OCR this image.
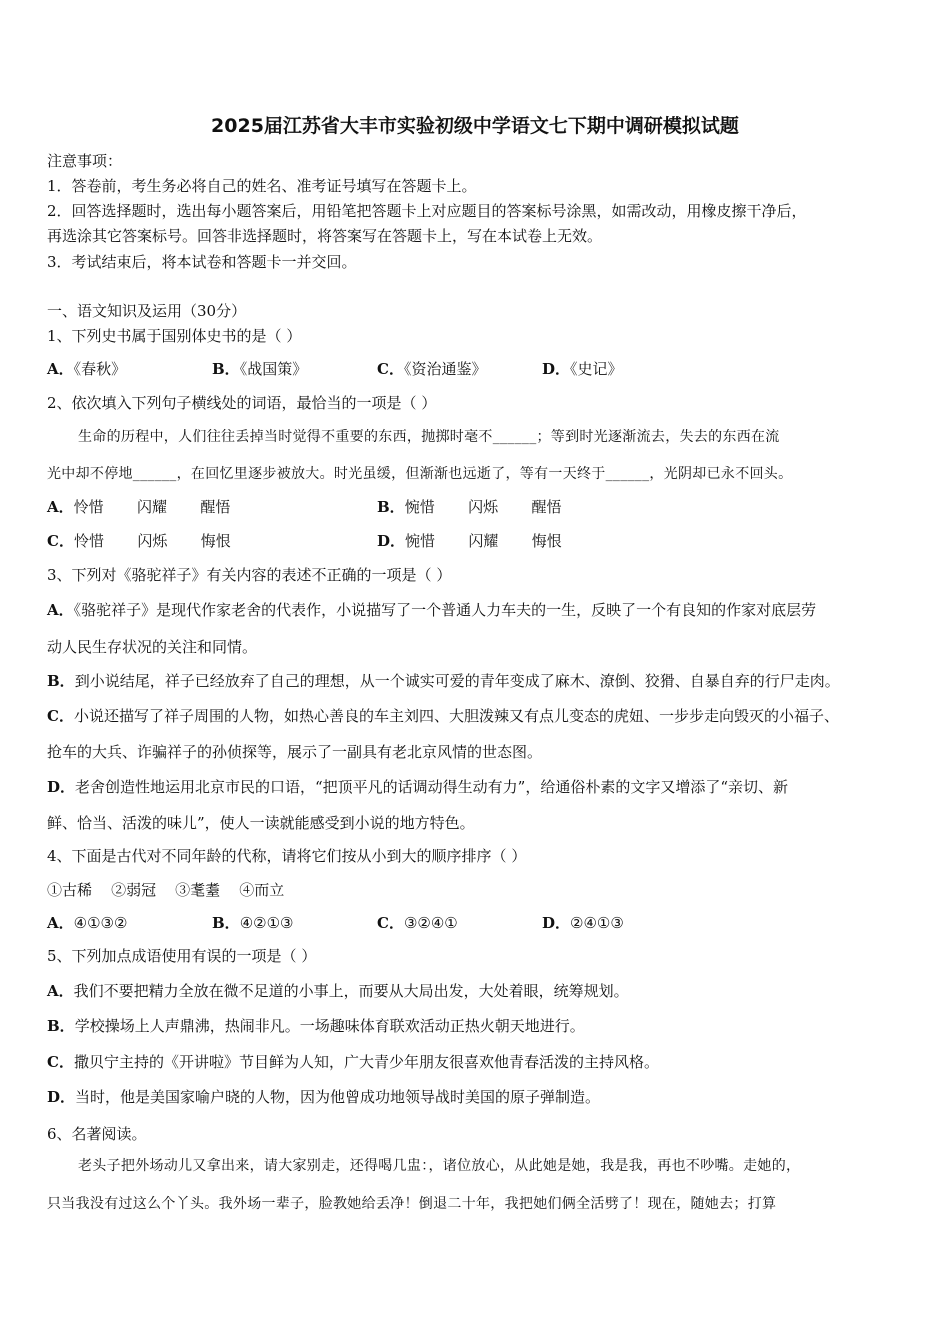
2025届江苏省大丰市实验初级中学语文七下期中调研模拟试题
注意事项：
1．答卷前，考生务必将自己的姓名、准考证号填写在答题卡上。
2．回答选择题时，选出每小题答案后，用铅笔把答题卡上对应题目的答案标号涂黑，如需改动，用橡皮擦干净后，
再选涂其它答案标号。回答非选择题时，将答案写在答题卡上，写在本试卷上无效。
3．考试结束后，将本试卷和答题卡一并交回。
一、语文知识及运用（30分）
1、下列史书属于国别体史书的是（ ）
A．《春秋》	B．《战国策》	C．《资治通鉴》	D．《史记》
2、依次填入下列句子横线处的词语，最恰当的一项是（ ）
生命的历程中，人们往往丢掉当时觉得不重要的东西，抛掷时毫不______；等到时光逐渐流去，失去的东西在流
光中却不停地______，在回忆里逐步被放大。时光虽缓，但渐渐也远逝了，等有一天终于______，光阴却已永不回头。
A．怜惜       闪耀       醒悟	B．惋惜       闪烁       醒悟
C．怜惜       闪烁       悔恨	D．惋惜       闪耀       悔恨
3、下列对《骆驼祥子》有关内容的表述不正确的一项是（ ）
A．《骆驼祥子》是现代作家老舍的代表作，小说描写了一个普通人力车夫的一生，反映了一个有良知的作家对底层劳
动人民生存状况的关注和同情。
B．到小说结尾，祥子已经放弃了自己的理想，从一个诚实可爱的青年变成了麻木、潦倒、狡猾、自暴自弃的行尸走肉。
C．小说还描写了祥子周围的人物，如热心善良的车主刘四、大胆泼辣又有点儿变态的虎妞、一步步走向毁灭的小福子、
抢车的大兵、诈骗祥子的孙侦探等，展示了一副具有老北京风情的世态图。
D．老舍创造性地运用北京市民的口语，“把顶平凡的话调动得生动有力”，给通俗朴素的文字又增添了“亲切、新
鲜、恰当、活泼的味儿”，使人一读就能感受到小说的地方特色。
4、下面是古代对不同年龄的代称，请将它们按从小到大的顺序排序（ ）
①古稀    ②弱冠    ③耄耋    ④而立
A．④①③②	B．④②①③	C．③②④①	D．②④①③
5、下列加点成语使用有误的一项是（ ）
A．我们不要把精力全放在微不足道的小事上，而要从大局出发，大处着眼，统筹规划。
B．学校操场上人声鼎沸，热闹非凡。一场趣味体育联欢活动正热火朝天地进行。
C．撒贝宁主持的《开讲啦》节目鲜为人知，广大青少年朋友很喜欢他青春活泼的主持风格。
D．当时，他是美国家喻户晓的人物，因为他曾成功地领导战时美国的原子弹制造。
6、名著阅读。
老头子把外场动儿又拿出来，请大家别走，还得喝几盅：，诸位放心，从此她是她，我是我，再也不吵嘴。走她的，
只当我没有过这么个丫头。我外场一辈子，脸教她给丢净！倒退二十年，我把她们俩全活劈了！现在，随她去；打算
